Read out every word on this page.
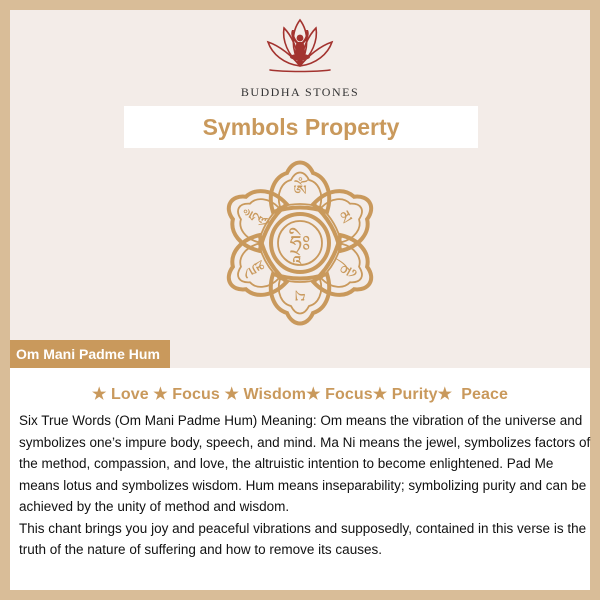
BUDDHA STONES
Symbols Property
ཨོཾ
མ
ཎི
པ
དྨེ
ཧཱུྃ
ཧྲཱིཿ
Om Mani Padme Hum
★ Love ★ Focus ★ Wisdom★ Focus★ Purity★  Peace

Six True Words (Om Mani Padme Hum) Meaning: Om means the vibration of the universe and symbolizes one’s impure body, speech, and mind. Ma Ni means the jewel, symbolizes factors of the method, compassion, and love, the altruistic intention to become enlightened. Pad Me means lotus and symbolizes wisdom. Hum means inseparability; symbolizing purity and can be achieved by the unity of method and wisdom.

This chant brings you joy and peaceful vibrations and supposedly, contained in this verse is the truth of the nature of suffering and how to remove its causes.
